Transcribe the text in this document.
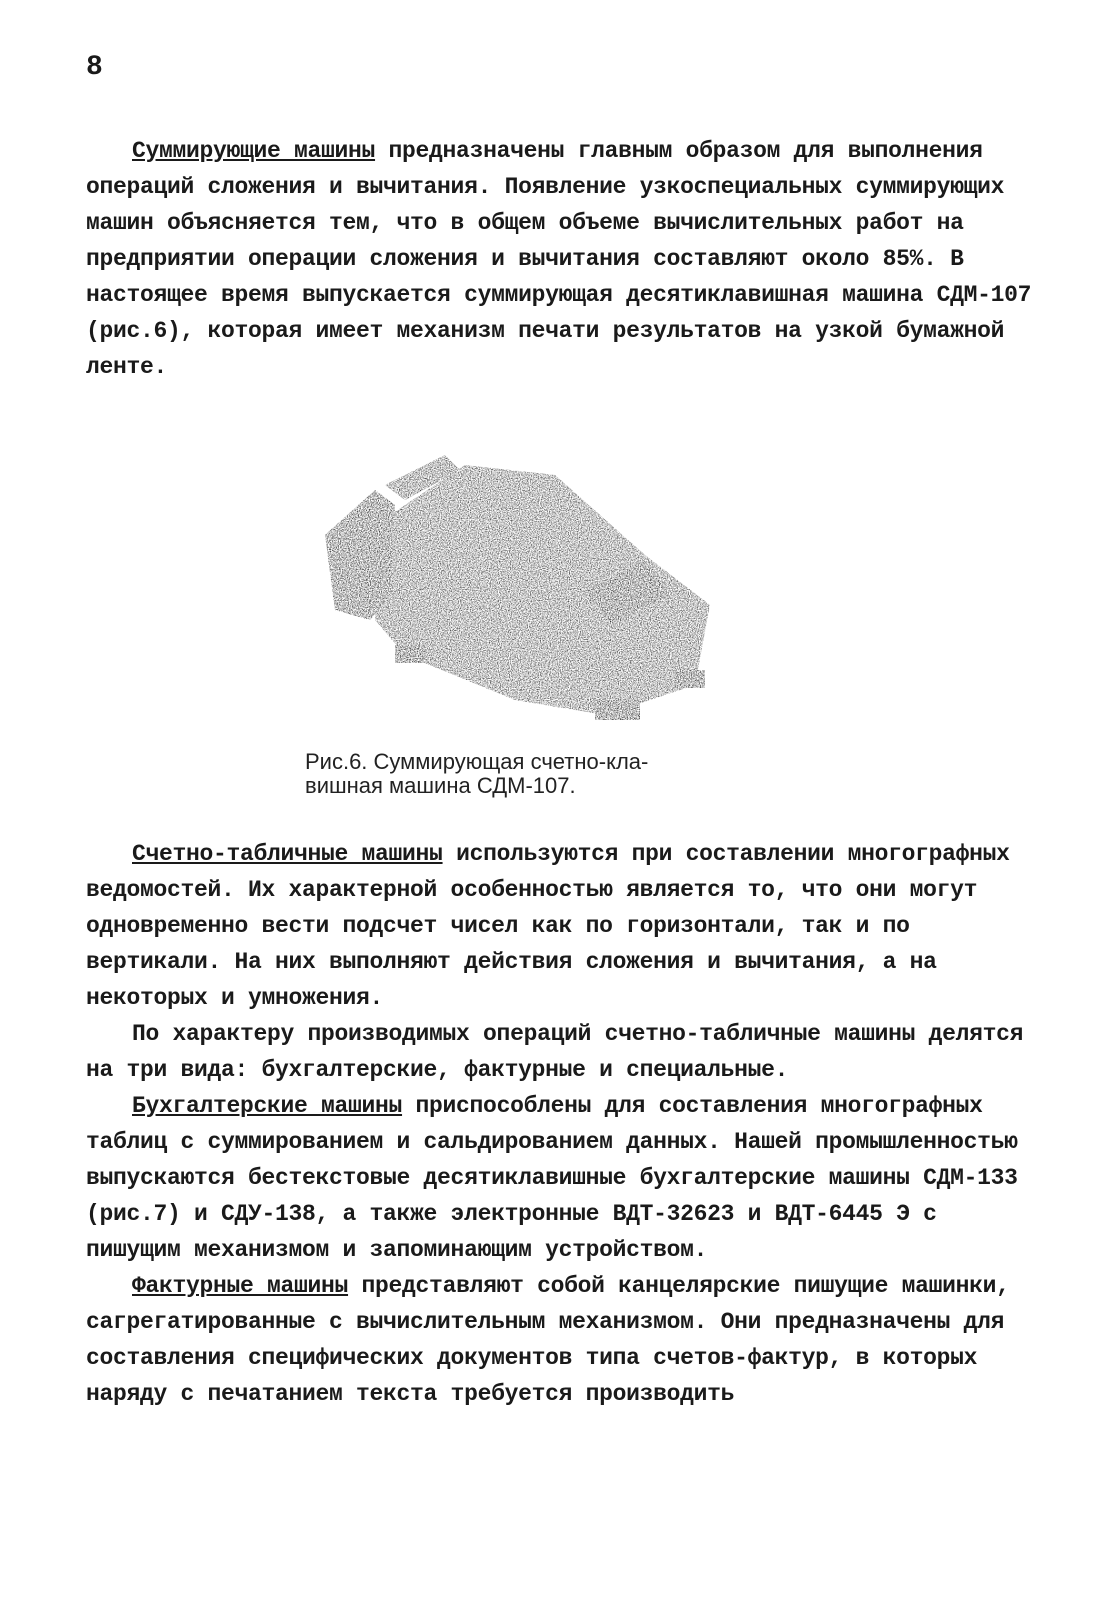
8

Суммирующие машины предназначены главным образом для выполнения операций сложения и вычитания. Появление узкоспециальных суммирующих машин объясняется тем, что в общем объеме вычислительных работ на предприятии операции сложения и вычитания составляют около 85%. В настоящее время выпускается суммирующая десятиклавишная машина СДМ-107 (рис.6), которая имеет механизм печати результатов на узкой бумажной ленте.

Рис.6. Суммирующая счетно-кла-

вишная машина СДМ-107.

Счетно-табличные машины используются при составлении многографных ведомостей. Их характерной особенностью является то, что они могут одновременно вести подсчет чисел как по горизонтали, так и по вертикали. На них выполняют действия сложения и вычитания, а на некоторых и умножения.

По характеру производимых операций счетно-табличные машины делятся на три вида: бухгалтерские, фактурные и специальные.

Бухгалтерские машины приспособлены для составления многографных таблиц с суммированием и сальдированием данных. Нашей промышленностью выпускаются бестекстовые десятиклавишные бухгалтерские машины СДМ-133 (рис.7) и СДУ-138, а также электронные ВДТ-32623 и ВДТ-6445 Э с пишущим механизмом и запоминающим устройством.

Фактурные машины представляют собой канцелярские пишущие машинки, сагрегатированные с вычислительным механизмом. Они предназначены для составления специфических документов типа счетов-фактур, в которых наряду с печатанием текста требуется производить
